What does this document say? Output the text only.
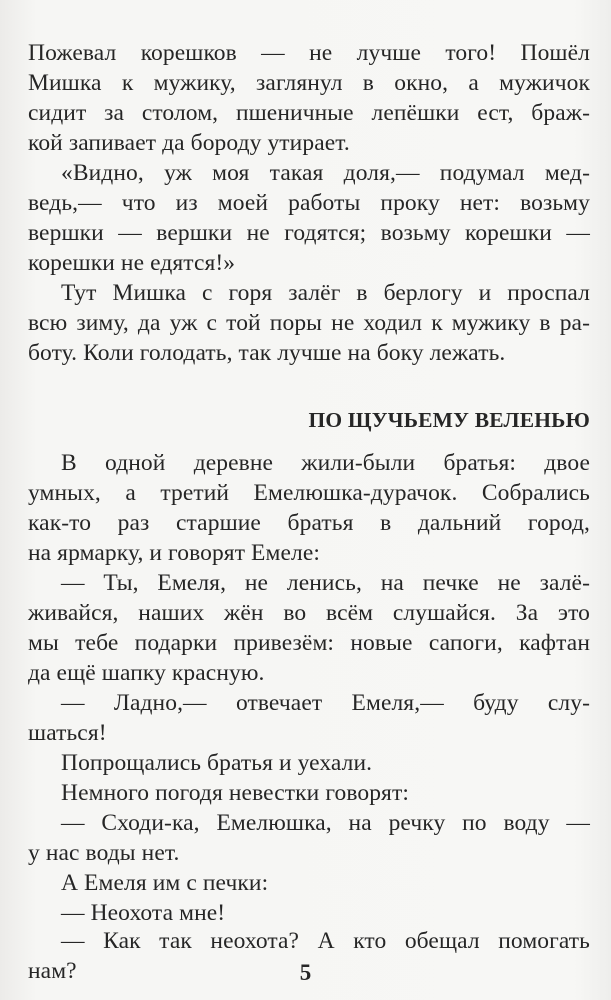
Пожевал корешков — не лучше того! Пошёл

Мишка к мужику, заглянул в окно, а мужичок

сидит за столом, пшеничные лепёшки ест, браж-

кой запивает да бороду утирает.

«Видно, уж моя такая доля,— подумал мед-

ведь,— что из моей работы проку нет: возьму

вершки — вершки не годятся; возьму корешки —

корешки не едятся!»

Тут Мишка с горя залёг в берлогу и проспал

всю зиму, да уж с той поры не ходил к мужику в ра-

боту. Коли голодать, так лучше на боку лежать.

ПО ЩУЧЬЕМУ ВЕЛЕНЬЮ

В одной деревне жили-были братья: двое

умных, а третий Емелюшка-дурачок. Собрались

как-то раз старшие братья в дальний город,

на ярмарку, и говорят Емеле:

— Ты, Емеля, не ленись, на печке не залё-

живайся, наших жён во всём слушайся. За это

мы тебе подарки привезём: новые сапоги, кафтан

да ещё шапку красную.

— Ладно,— отвечает Емеля,— буду слу-

шаться!

Попрощались братья и уехали.

Немного погодя невестки говорят:

— Сходи-ка, Емелюшка, на речку по воду —

у нас воды нет.

А Емеля им с печки:

— Неохота мне!

— Как так неохота? А кто обещал помогать

нам?	5
